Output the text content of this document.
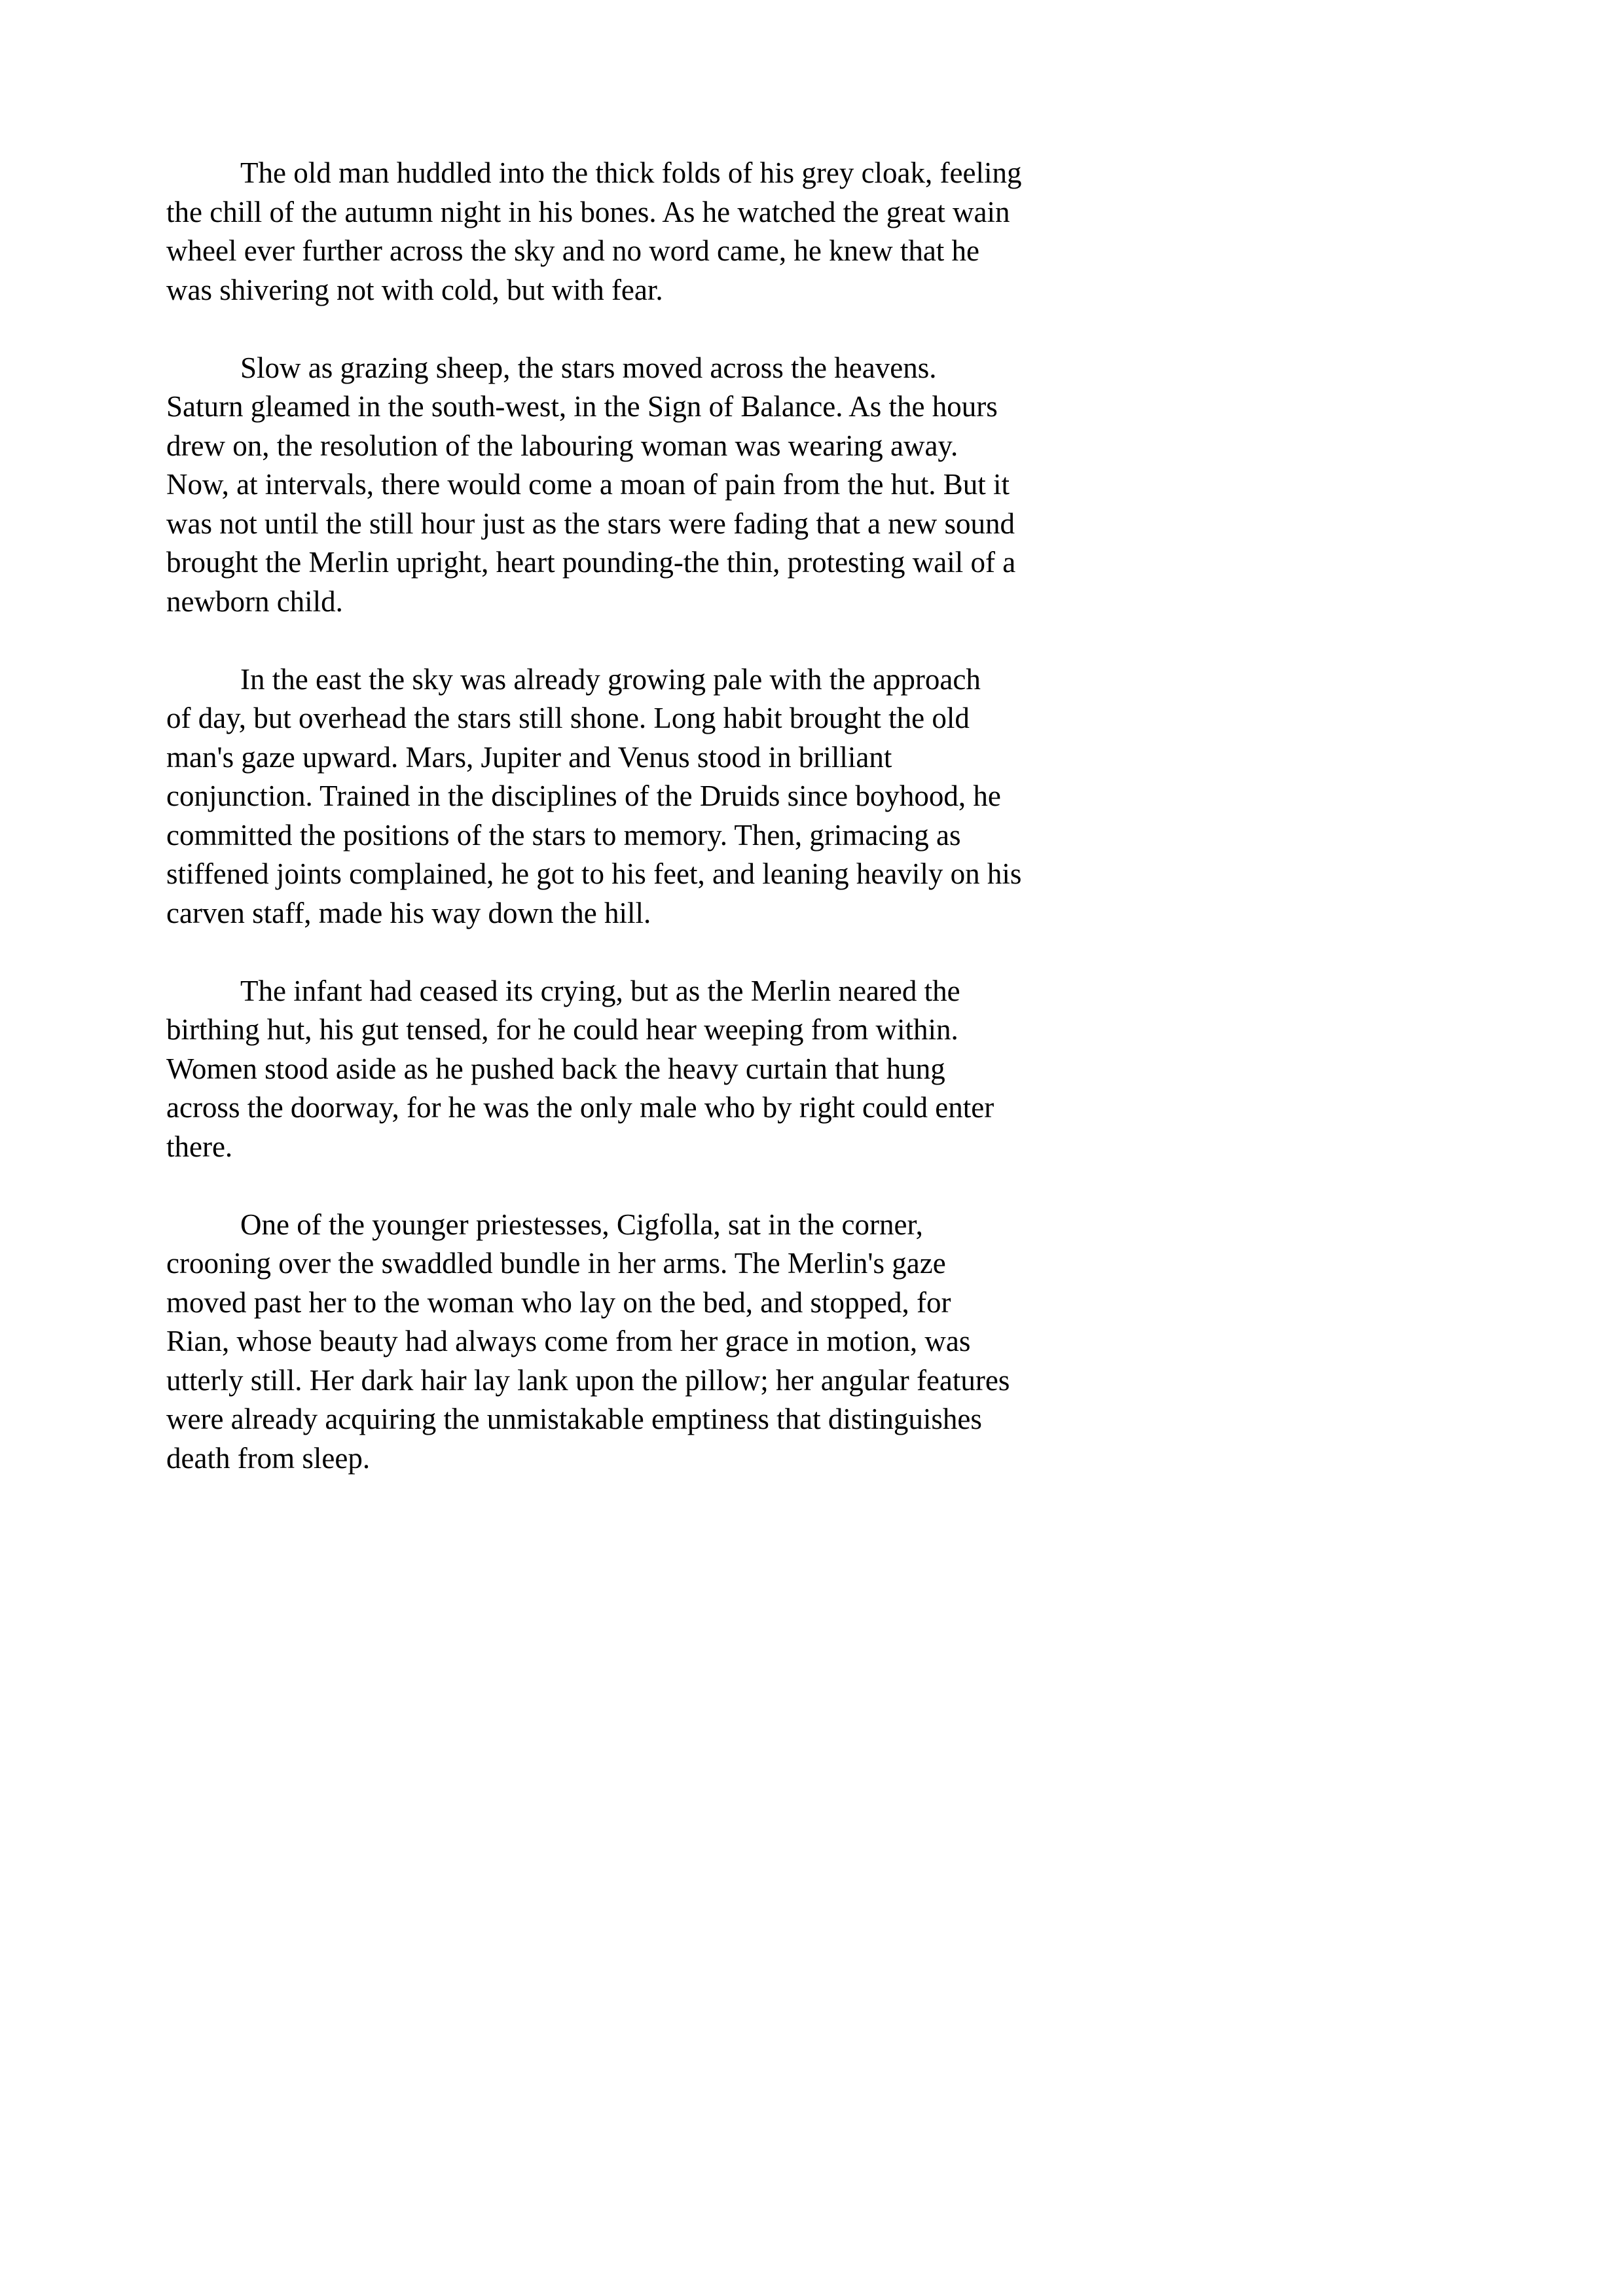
The old man huddled into the thick folds of his grey cloak, feeling
the chill of the autumn night in his bones. As he watched the great wain
wheel ever further across the sky and no word came, he knew that he
was shivering not with cold, but with fear.

Slow as grazing sheep, the stars moved across the heavens.
Saturn gleamed in the south-west, in the Sign of Balance. As the hours
drew on, the resolution of the labouring woman was wearing away.
Now, at intervals, there would come a moan of pain from the hut. But it
was not until the still hour just as the stars were fading that a new sound
brought the Merlin upright, heart pounding-the thin, protesting wail of a
newborn child.

In the east the sky was already growing pale with the approach
of day, but overhead the stars still shone. Long habit brought the old
man's gaze upward. Mars, Jupiter and Venus stood in brilliant
conjunction. Trained in the disciplines of the Druids since boyhood, he
committed the positions of the stars to memory. Then, grimacing as
stiffened joints complained, he got to his feet, and leaning heavily on his
carven staff, made his way down the hill.

The infant had ceased its crying, but as the Merlin neared the
birthing hut, his gut tensed, for he could hear weeping from within.
Women stood aside as he pushed back the heavy curtain that hung
across the doorway, for he was the only male who by right could enter
there.

One of the younger priestesses, Cigfolla, sat in the corner,
crooning over the swaddled bundle in her arms. The Merlin's gaze
moved past her to the woman who lay on the bed, and stopped, for
Rian, whose beauty had always come from her grace in motion, was
utterly still. Her dark hair lay lank upon the pillow; her angular features
were already acquiring the unmistakable emptiness that distinguishes
death from sleep.
